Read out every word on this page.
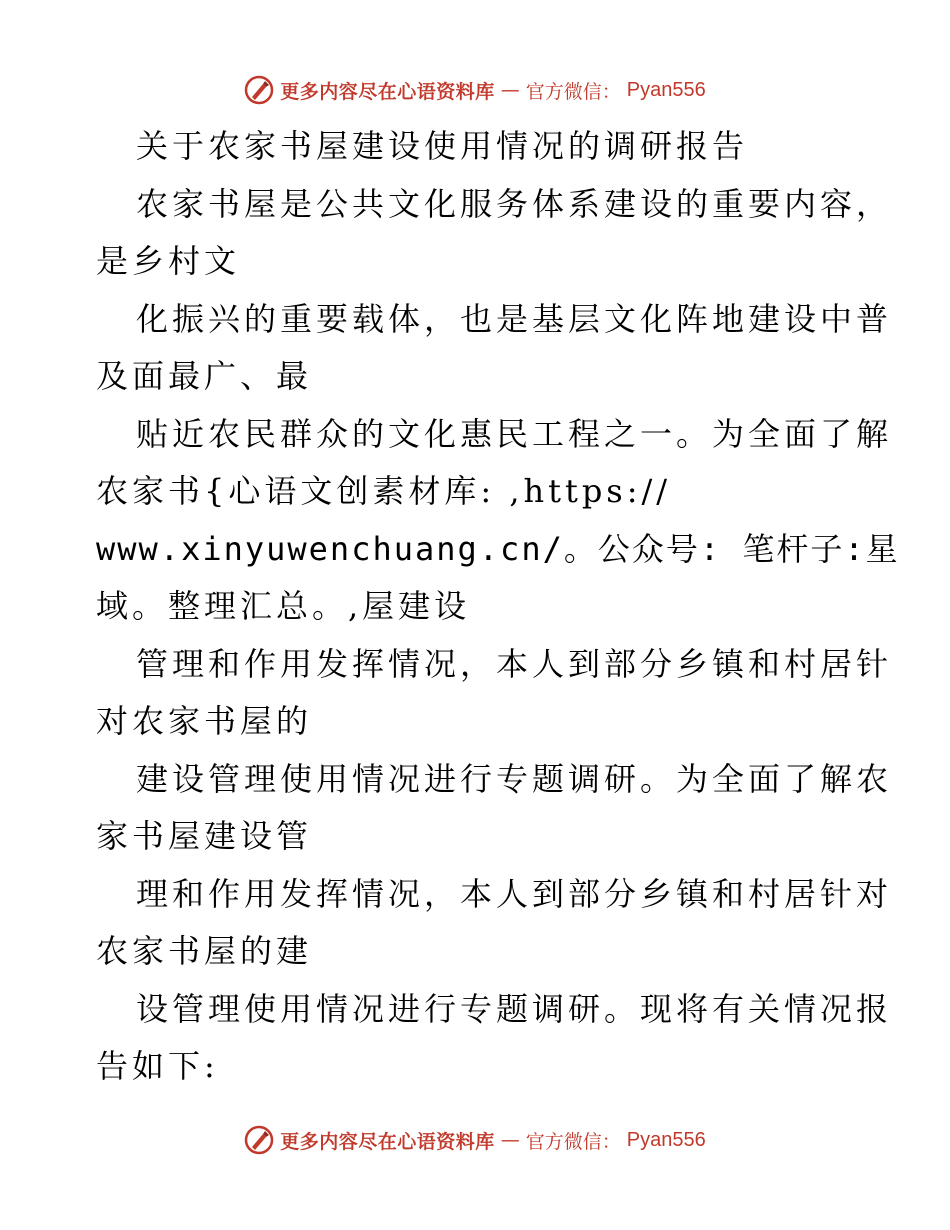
更多内容尽在心语资料库 — 官方微信： Pyan556
关于农家书屋建设使用情况的调研报告
农家书屋是公共文化服务体系建设的重要内容，
是乡村文
化振兴的重要载体，也是基层文化阵地建设中普
及面最广、最
贴近农民群众的文化惠民工程之一。为全面了解
农家书{心语文创素材库: ,https://
www.xinyuwenchuang.cn/。公众号: 笔杆子:星
域。整理汇总。,屋建设
管理和作用发挥情况，本人到部分乡镇和村居针
对农家书屋的
建设管理使用情况进行专题调研。为全面了解农
家书屋建设管
理和作用发挥情况，本人到部分乡镇和村居针对
农家书屋的建
设管理使用情况进行专题调研。现将有关情况报
告如下:
更多内容尽在心语资料库 — 官方微信： Pyan556
